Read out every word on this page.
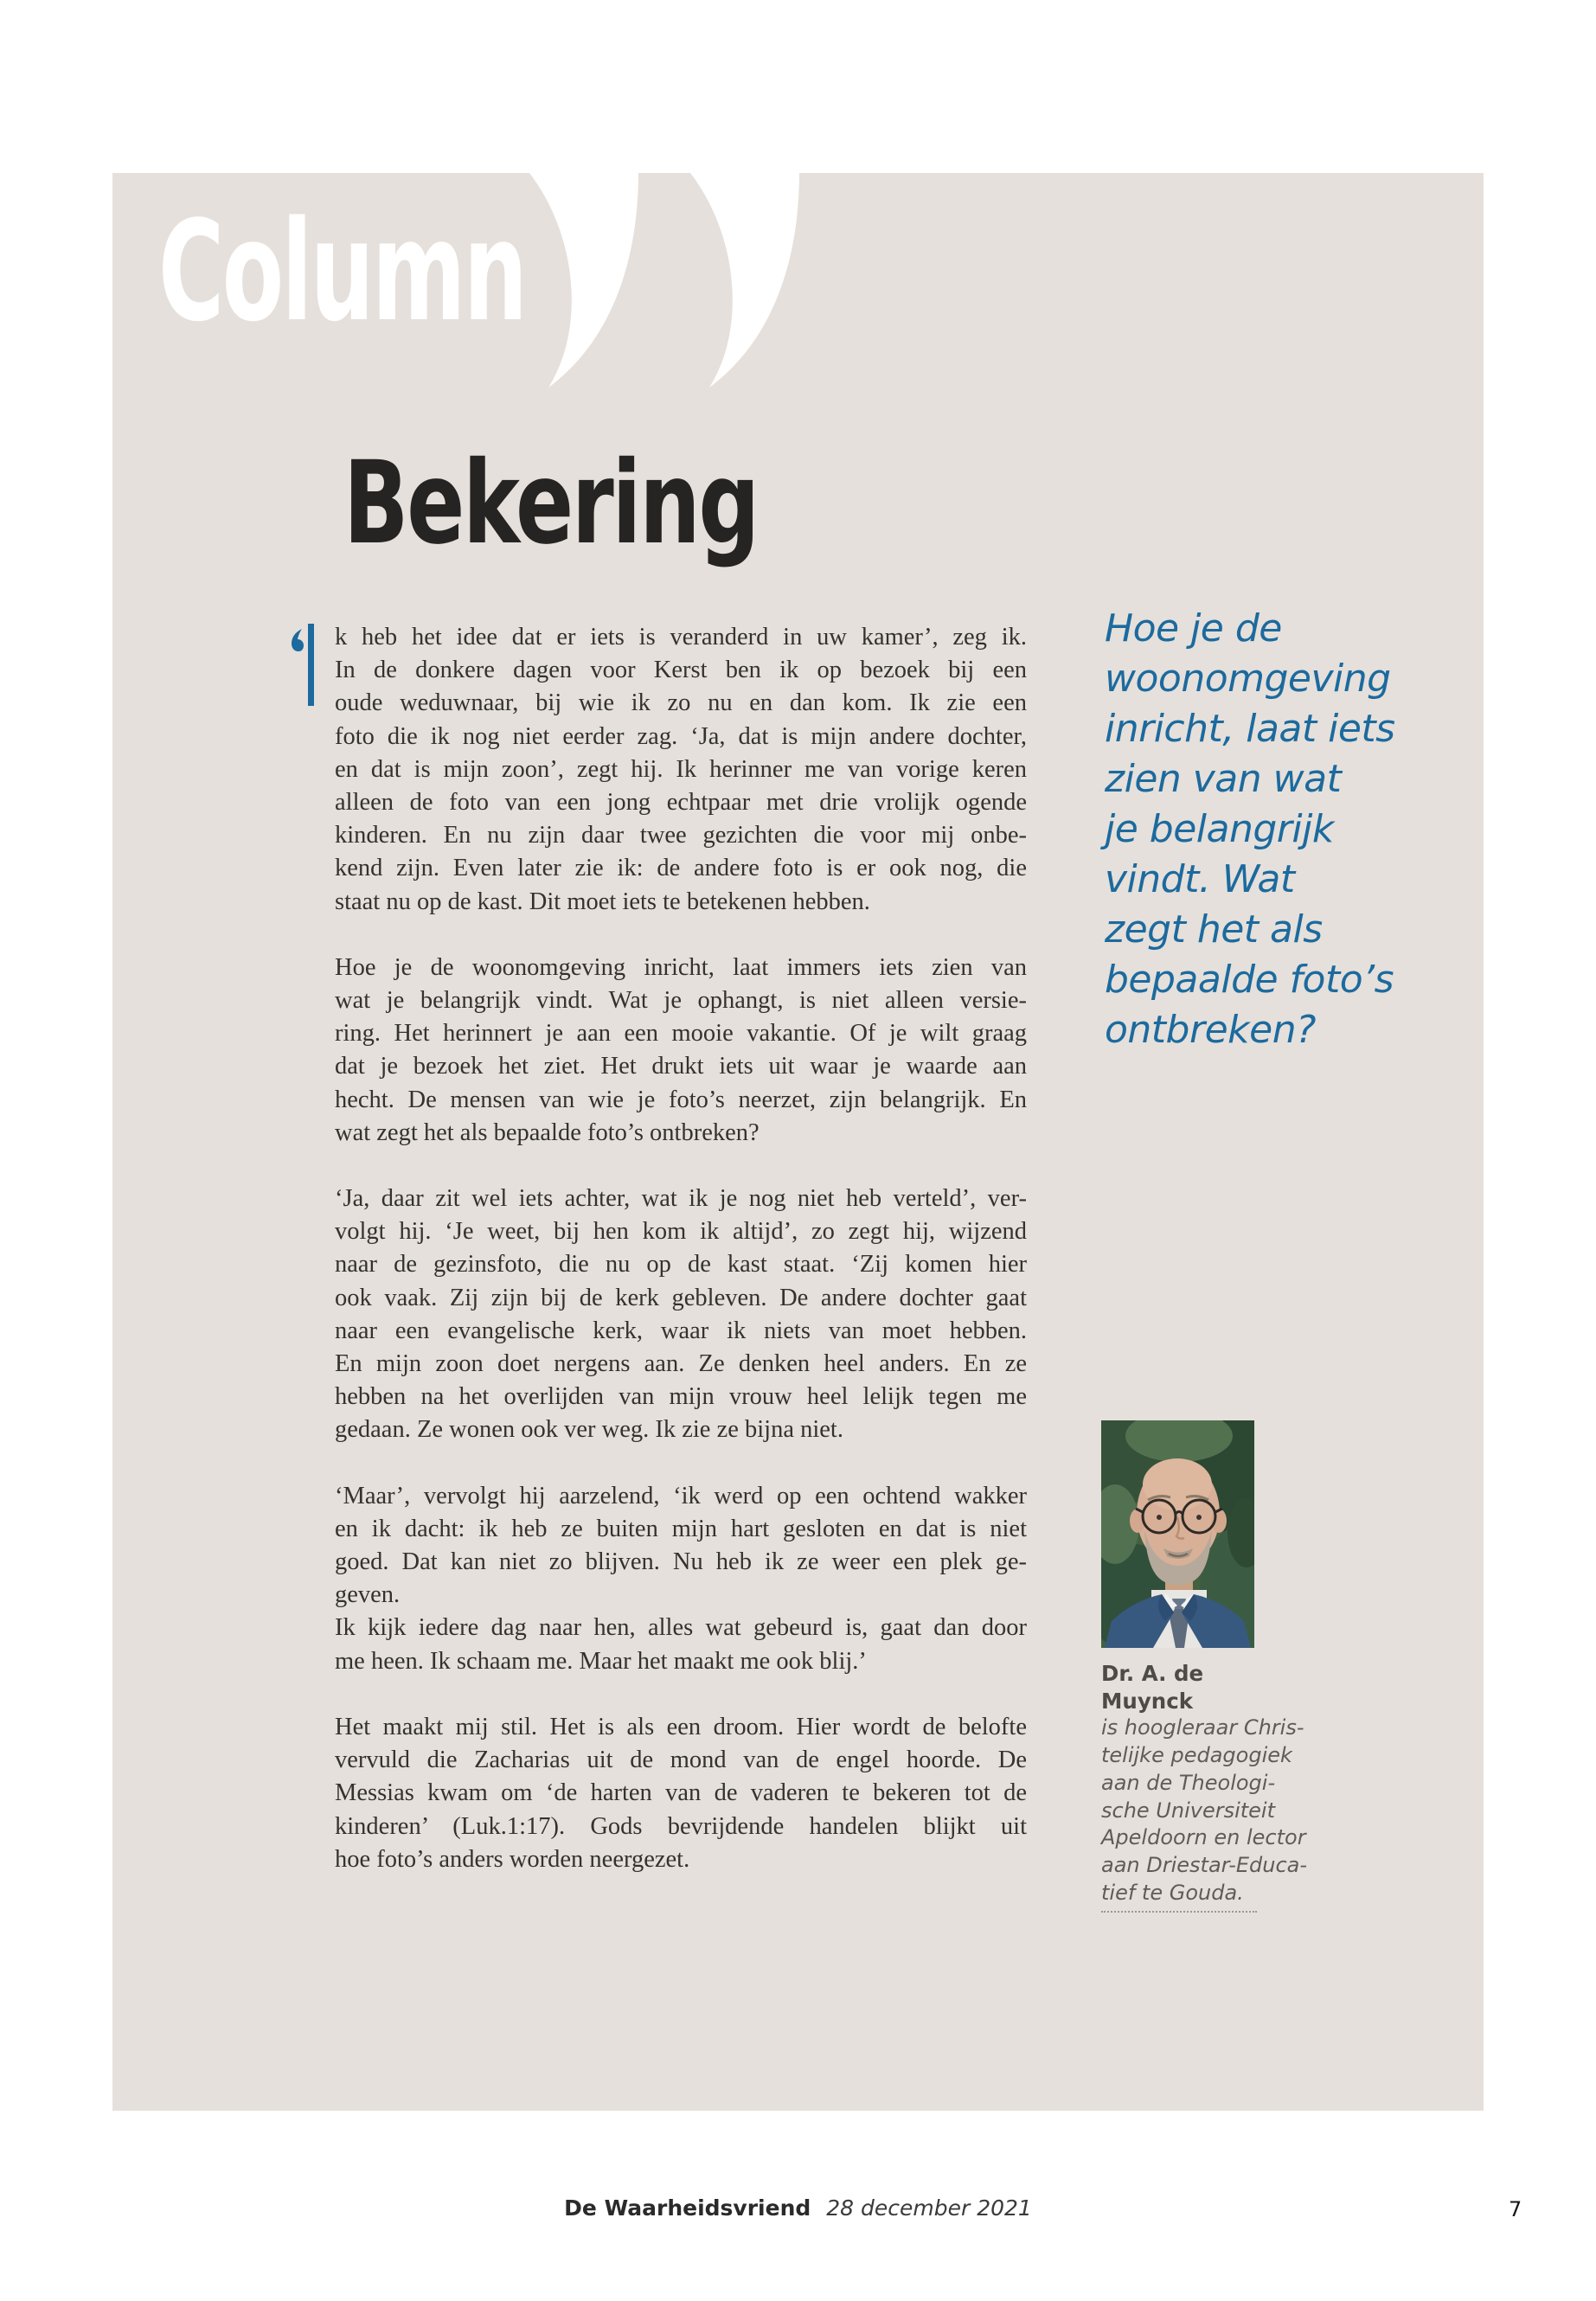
Column
Bekering
k heb het idee dat er iets is veranderd in uw kamer’, zeg ik.
In de donkere dagen voor Kerst ben ik op bezoek bij een
oude weduwnaar, bij wie ik zo nu en dan kom. Ik zie een
foto die ik nog niet eerder zag. ‘Ja, dat is mijn andere dochter,
en dat is mijn zoon’, zegt hij. Ik herinner me van vorige keren
alleen de foto van een jong echtpaar met drie vrolijk ogende
kinderen. En nu zijn daar twee gezichten die voor mij onbe-
kend zijn. Even later zie ik: de andere foto is er ook nog, die
staat nu op de kast. Dit moet iets te betekenen hebben.
Hoe je de woonomgeving inricht, laat immers iets zien van
wat je belangrijk vindt. Wat je ophangt, is niet alleen versie-
ring. Het herinnert je aan een mooie vakantie. Of je wilt graag
dat je bezoek het ziet. Het drukt iets uit waar je waarde aan
hecht. De mensen van wie je foto’s neerzet, zijn belangrijk. En
wat zegt het als bepaalde foto’s ontbreken?
‘Ja, daar zit wel iets achter, wat ik je nog niet heb verteld’, ver-
volgt hij. ‘Je weet, bij hen kom ik altijd’, zo zegt hij, wijzend
naar de gezinsfoto, die nu op de kast staat. ‘Zij komen hier
ook vaak. Zij zijn bij de kerk gebleven. De andere dochter gaat
naar een evangelische kerk, waar ik niets van moet hebben.
En mijn zoon doet nergens aan. Ze denken heel anders. En ze
hebben na het overlijden van mijn vrouw heel lelijk tegen me
gedaan. Ze wonen ook ver weg. Ik zie ze bijna niet.
‘Maar’, vervolgt hij aarzelend, ‘ik werd op een ochtend wakker
en ik dacht: ik heb ze buiten mijn hart gesloten en dat is niet
goed. Dat kan niet zo blijven. Nu heb ik ze weer een plek ge-
geven.
Ik kijk iedere dag naar hen, alles wat gebeurd is, gaat dan door
me heen. Ik schaam me. Maar het maakt me ook blij.’
Het maakt mij stil. Het is als een droom. Hier wordt de belofte
vervuld die Zacharias uit de mond van de engel hoorde. De
Messias kwam om ‘de harten van de vaderen te bekeren tot de
kinderen’ (Luk.1:17). Gods bevrijdende handelen blijkt uit
hoe foto’s anders worden neergezet.
Hoe je de
woonomgeving
inricht, laat iets
zien van wat
je belangrijk
vindt. Wat
zegt het als
bepaalde foto’s
ontbreken?
Dr. A. de Muynck
is hoogleraar Chris-
telijke pedagogiek
aan de Theologi-
sche Universiteit
Apeldoorn en lector
aan Driestar-Educa-
tief te Gouda.
De Waarheidsvriend 28 december 2021	7
